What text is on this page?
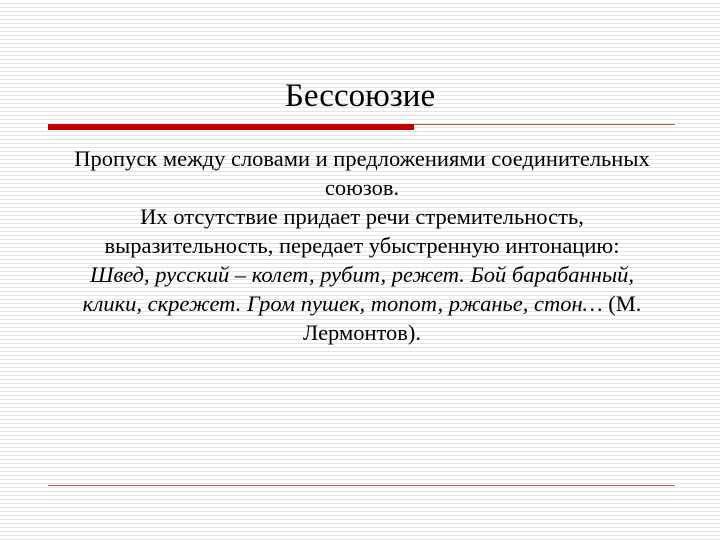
Бессоюзие

Пропуск между словами и предложениями соединительных союзов.

Их отсутствие придает речи стремительность, выразительность, передает убыстренную интонацию:

Швед, русский – колет, рубит, режет. Бой барабанный, клики, скрежет. Гром пушек, топот, ржанье, стон… (М. Лермонтов).
